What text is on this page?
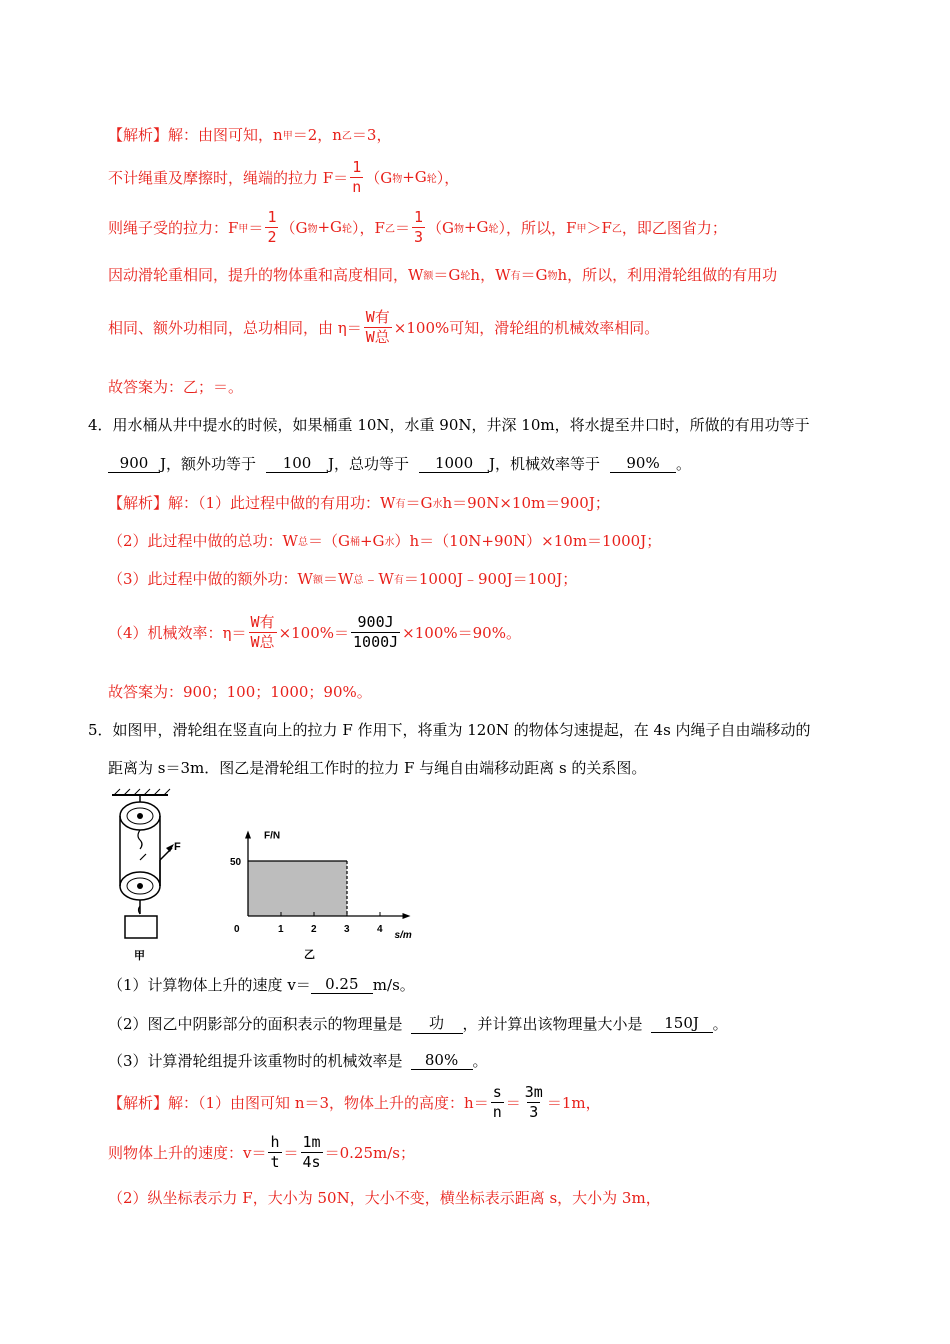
【解析】 解：由图可知，n 甲 ＝2，n 乙 ＝3，
不计绳重及摩擦时，绳端的拉力 $F= \frac{1}{n} (G$ 物 +G 轮 ），
则绳子受的拉力：F 甲 ＝ $\frac{1}{2} (G$ 物 +G 轮 ），F 乙 ＝ $\frac{1}{3} (G$ 物 +G 轮 ），所以，F 甲 ＞F 乙 ，即乙图省力；
因动滑轮重相同，提升的物体重和高度相同，W 额 ＝G 轮 h，W 有 ＝G 物 h，所以，利用滑轮组做的有用功
相同、额外功相同，总功相同，由 $\eta= \frac{\text{W有}}{\text{W总}} \times 100\%$可知，滑轮组的机械效率相同。
故答案为：乙；＝。
4．用水桶从井中提水的时候，如果桶重 10N，水重 90N，井深 10m，将水提至井口时，所做的有用功等于
900 J，额外功等于	100	J，总功等于	1000	J，机械效率等于	90%	。
【解析】 解：（1）此过程中做的有用功：W 有 ＝G 水 h＝90N×10m＝900J；
（2）此过程中做的总功：W 总 ＝（G 桶 +G 水 ）h＝（10N+90N）×10m＝1000J；
（3）此过程中做的额外功：W 额 ＝W 总 ﹣W 有 ＝1000J﹣900J＝100J；
（4）机械效率：$\eta= \frac{\text{W有}}{\text{W总}} \times 100\%= \frac{900J}{1000J} \times 100\%=90\%$。
故答案为：900；100；1000；90%。
5．如图甲，滑轮组在竖直向上的拉力 F 作用下，将重为 120N 的物体匀速提起，在 4s 内绳子自由端移动的
距离为 s＝3m．图乙是滑轮组工作时的拉力 F 与绳自由端移动距离 s 的关系图。
F
甲
F/N
s/m
0	1	2	3	4
50
乙
（1）计算物体上升的速度 v＝ 0.25 m/s。
（2）图乙中阴影部分的面积表示的物理量是	功	，并计算出该物理量大小是	150J 。
（3）计算滑轮组提升该重物时的机械效率是	80% 。
【解析】 解：（1）由图可知 n＝3，物体上升的高度：$h= \frac{s}{n} = \frac{3m}{3} =1m$，
则物体上升的速度：$v= \frac{h}{t} = \frac{1m}{4s} =0.25m/s$；
（2）纵坐标表示力 F，大小为 50N，大小不变，横坐标表示距离 s，大小为 3m，
